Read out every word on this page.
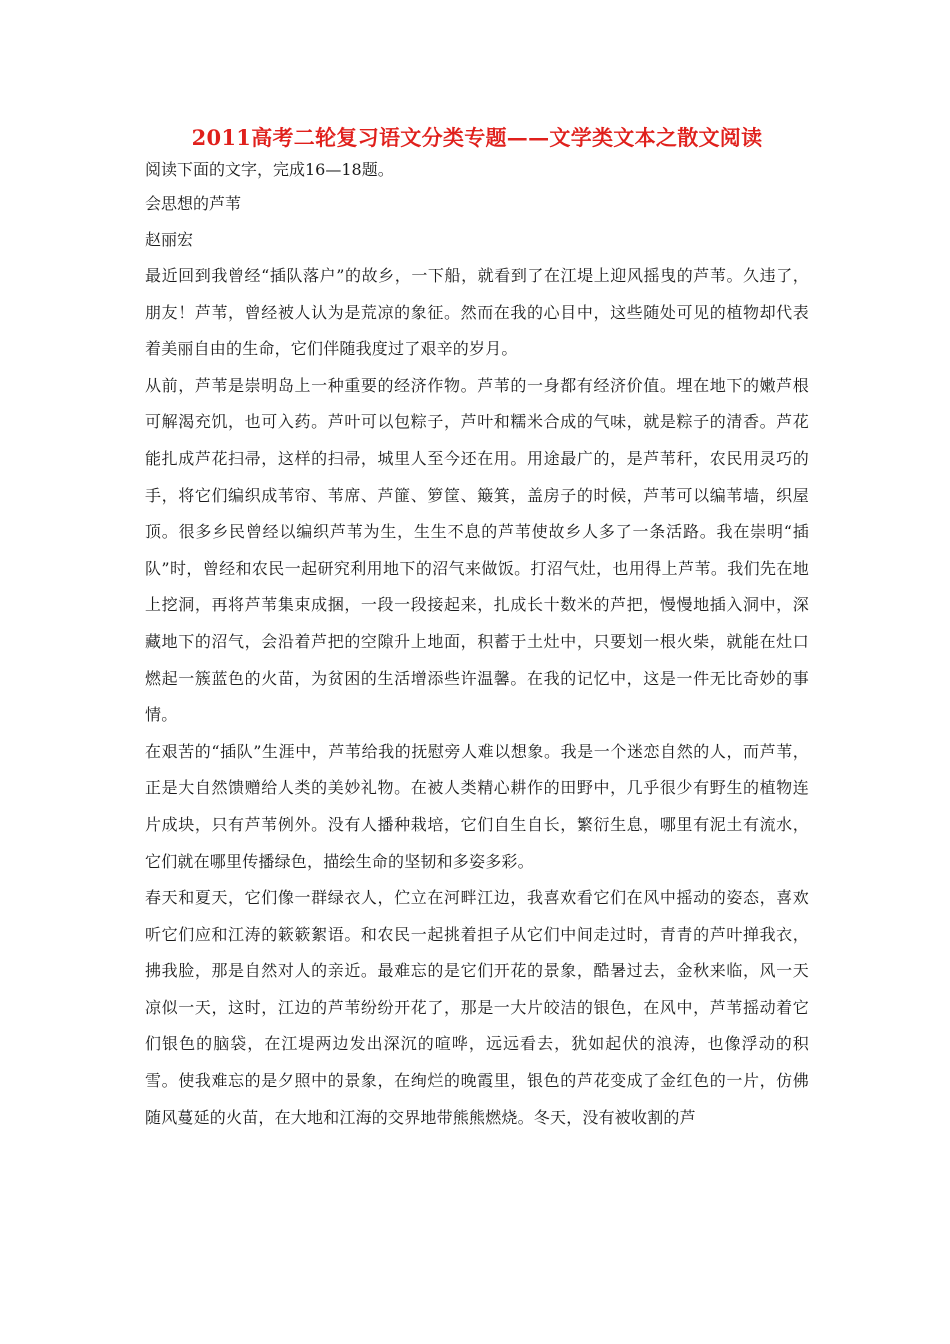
2011高考二轮复习语文分类专题——文学类文本之散文阅读

阅读下面的文字，完成16—18题。

会思想的芦苇

赵丽宏

最近回到我曾经“插队落户”的故乡，一下船，就看到了在江堤上迎风摇曳的芦苇。久违了，朋友！芦苇，曾经被人认为是荒凉的象征。然而在我的心目中，这些随处可见的植物却代表着美丽自由的生命，它们伴随我度过了艰辛的岁月。

从前，芦苇是崇明岛上一种重要的经济作物。芦苇的一身都有经济价值。埋在地下的嫩芦根可解渴充饥，也可入药。芦叶可以包粽子，芦叶和糯米合成的气味，就是粽子的清香。芦花能扎成芦花扫帚，这样的扫帚，城里人至今还在用。用途最广的，是芦苇秆，农民用灵巧的手，将它们编织成苇帘、苇席、芦篚、箩筐、簸箕，盖房子的时候，芦苇可以编苇墙，织屋顶。很多乡民曾经以编织芦苇为生，生生不息的芦苇使故乡人多了一条活路。我在崇明“插队”时，曾经和农民一起研究利用地下的沼气来做饭。打沼气灶，也用得上芦苇。我们先在地上挖洞，再将芦苇集束成捆，一段一段接起来，扎成长十数米的芦把，慢慢地插入洞中，深藏地下的沼气，会沿着芦把的空隙升上地面，积蓄于土灶中，只要划一根火柴，就能在灶口燃起一簇蓝色的火苗，为贫困的生活增添些许温馨。在我的记忆中，这是一件无比奇妙的事情。

在艰苦的“插队”生涯中，芦苇给我的抚慰旁人难以想象。我是一个迷恋自然的人，而芦苇，正是大自然馈赠给人类的美妙礼物。在被人类精心耕作的田野中，几乎很少有野生的植物连片成块，只有芦苇例外。没有人播种栽培，它们自生自长，繁衍生息，哪里有泥土有流水，它们就在哪里传播绿色，描绘生命的坚韧和多姿多彩。

春天和夏天，它们像一群绿衣人，伫立在河畔江边，我喜欢看它们在风中摇动的姿态，喜欢听它们应和江涛的簌簌絮语。和农民一起挑着担子从它们中间走过时，青青的芦叶掸我衣，拂我脸，那是自然对人的亲近。最难忘的是它们开花的景象，酷暑过去，金秋来临，风一天凉似一天，这时，江边的芦苇纷纷开花了，那是一大片皎洁的银色，在风中，芦苇摇动着它们银色的脑袋，在江堤两边发出深沉的喧哗，远远看去，犹如起伏的浪涛，也像浮动的积雪。使我难忘的是夕照中的景象，在绚烂的晚霞里，银色的芦花变成了金红色的一片，仿佛随风蔓延的火苗，在大地和江海的交界地带熊熊燃烧。冬天，没有被收割的芦
